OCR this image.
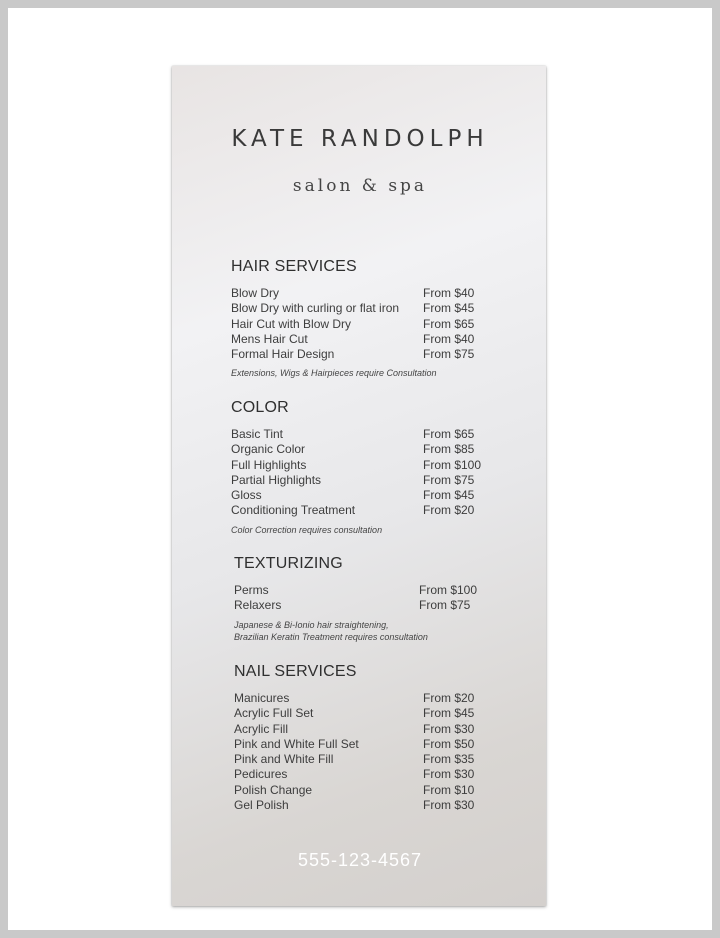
KATE RANDOLPH
salon & spa
HAIR SERVICES
Blow Dry	From $40
Blow Dry with curling or flat iron	From $45
Hair Cut with Blow Dry	From $65
Mens Hair Cut	From $40
Formal Hair Design	From $75
Extensions, Wigs & Hairpieces require Consultation
COLOR
Basic Tint	From $65
Organic Color	From $85
Full Highlights	From $100
Partial Highlights	From $75
Gloss	From $45
Conditioning Treatment	From $20
Color Correction requires consultation
TEXTURIZING
Perms	From $100
Relaxers	From $75
Japanese & Bi-Ionio hair straightening,
Brazilian Keratin Treatment requires consultation
NAIL SERVICES
Manicures	From $20
Acrylic Full Set	From $45
Acrylic Fill	From $30
Pink and White Full Set	From $50
Pink and White Fill	From $35
Pedicures	From $30
Polish Change	From $10
Gel Polish	From $30
555-123-4567
